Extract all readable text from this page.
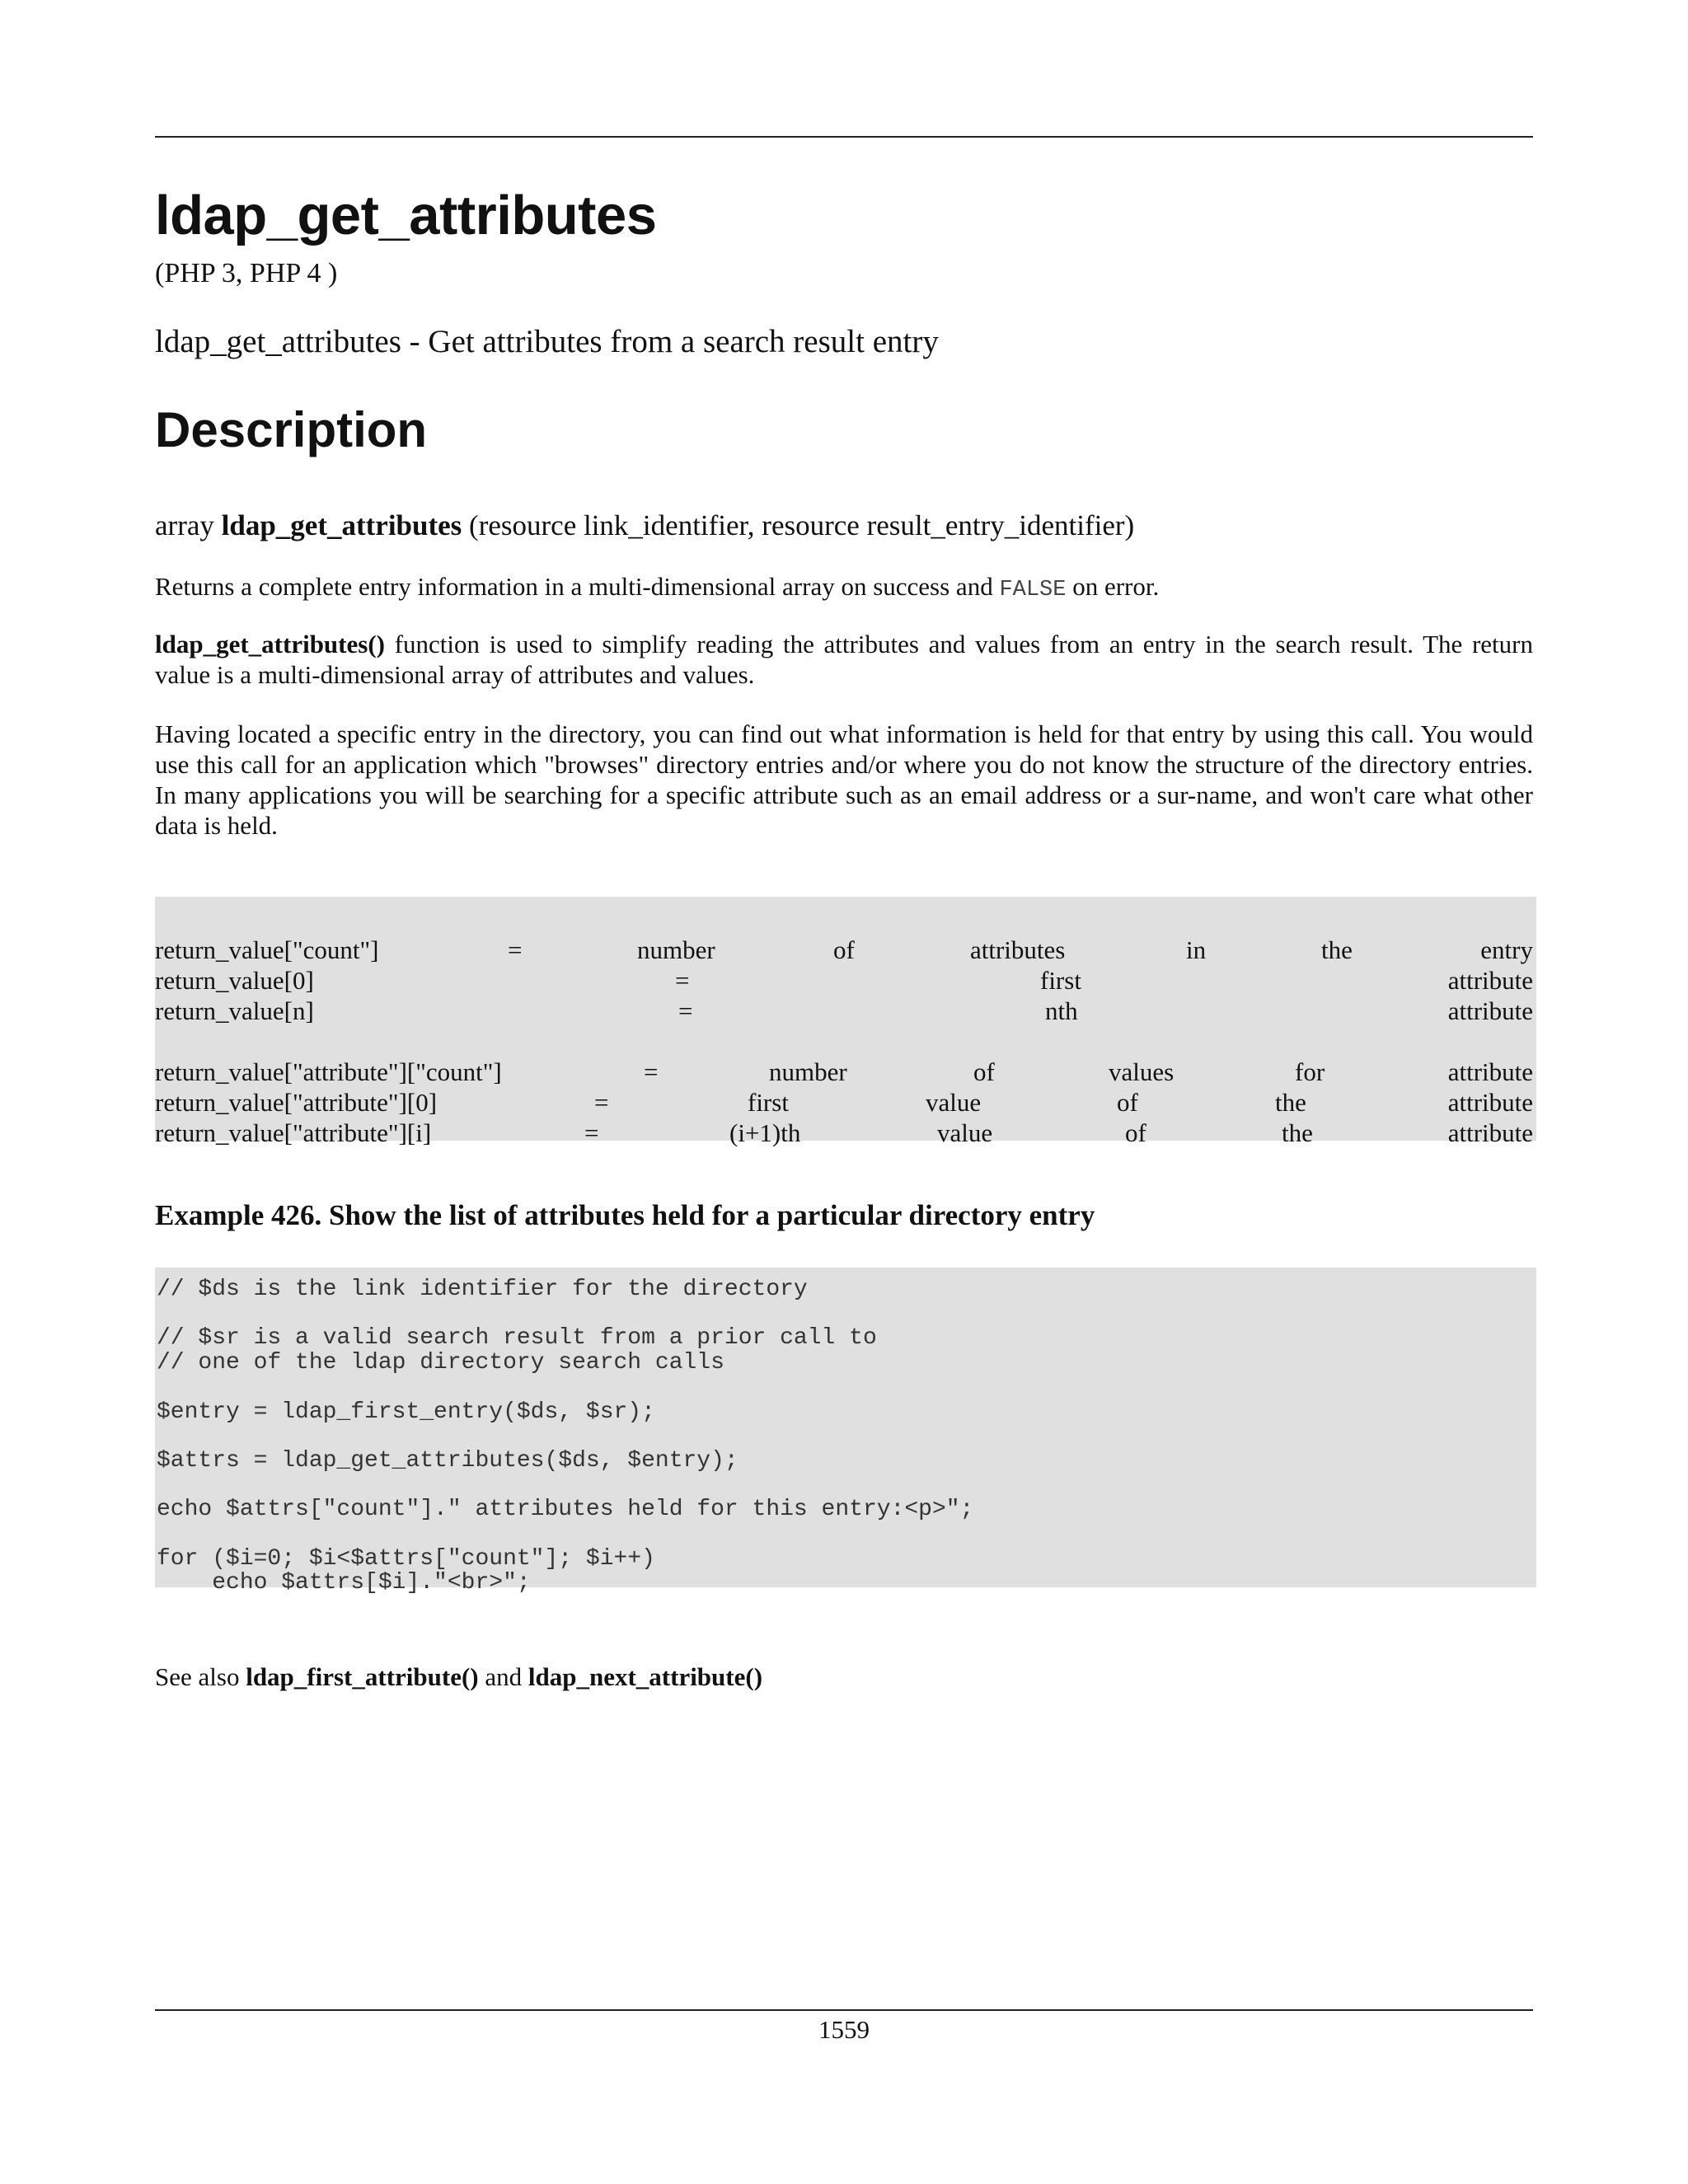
ldap_get_attributes
(PHP 3, PHP 4 )
ldap_get_attributes - Get attributes from a search result entry
Description
array ldap_get_attributes (resource link_identifier, resource result_entry_identifier)
Returns a complete entry information in a multi-dimensional array on success and FALSE on error.
ldap_get_attributes() function is used to simplify reading the attributes and values from an entry in the search result. The return value is a multi-dimensional array of attributes and values.
Having located a specific entry in the directory, you can find out what information is held for that entry by using this call. You would use this call for an application which "browses" directory entries and/or where you do not know the structure of the directory entries. In many applications you will be searching for a specific attribute such as an email address or a sur-name, and won't care what other data is held.
return_value["count"]	=	number	of	attributes	in	the	entry
return_value[0]	=	first	attribute
return_value[n]	=	nth	attribute
return_value["attribute"]["count"]	=	number	of	values	for	attribute
return_value["attribute"][0]	=	first	value	of	the	attribute
return_value["attribute"][i]	=	(i+1)th	value	of	the	attribute
Example 426. Show the list of attributes held for a particular directory entry
// $ds is the link identifier for the directory

// $sr is a valid search result from a prior call to
// one of the ldap directory search calls

$entry = ldap_first_entry($ds, $sr);

$attrs = ldap_get_attributes($ds, $entry);

echo $attrs["count"]." attributes held for this entry:<p>";

for ($i=0; $i<$attrs["count"]; $i++)
echo $attrs[$i]."<br>";
See also ldap_first_attribute() and ldap_next_attribute()
1559
